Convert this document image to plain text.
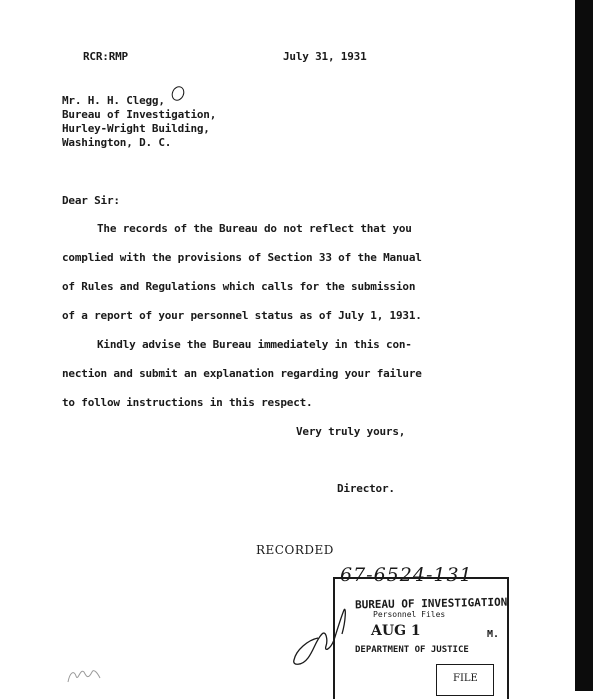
RCR:RMP	July 31, 1931
Mr. H. H. Clegg,
Bureau of Investigation,
Hurley-Wright Building,
Washington, D. C.
Dear Sir:
The records of the Bureau do not reflect that you
complied with the provisions of Section 33 of the Manual
of Rules and Regulations which calls for the submission
of a report of your personnel status as of July 1, 1931.
Kindly advise the Bureau immediately in this con-
nection and submit an explanation regarding your failure
to follow instructions in this respect.
Very truly yours,
Director.
RECORDED
67-6524-131
BUREAU OF INVESTIGATION
Personnel Files
AUG 1	M.
DEPARTMENT OF JUSTICE
FILE
